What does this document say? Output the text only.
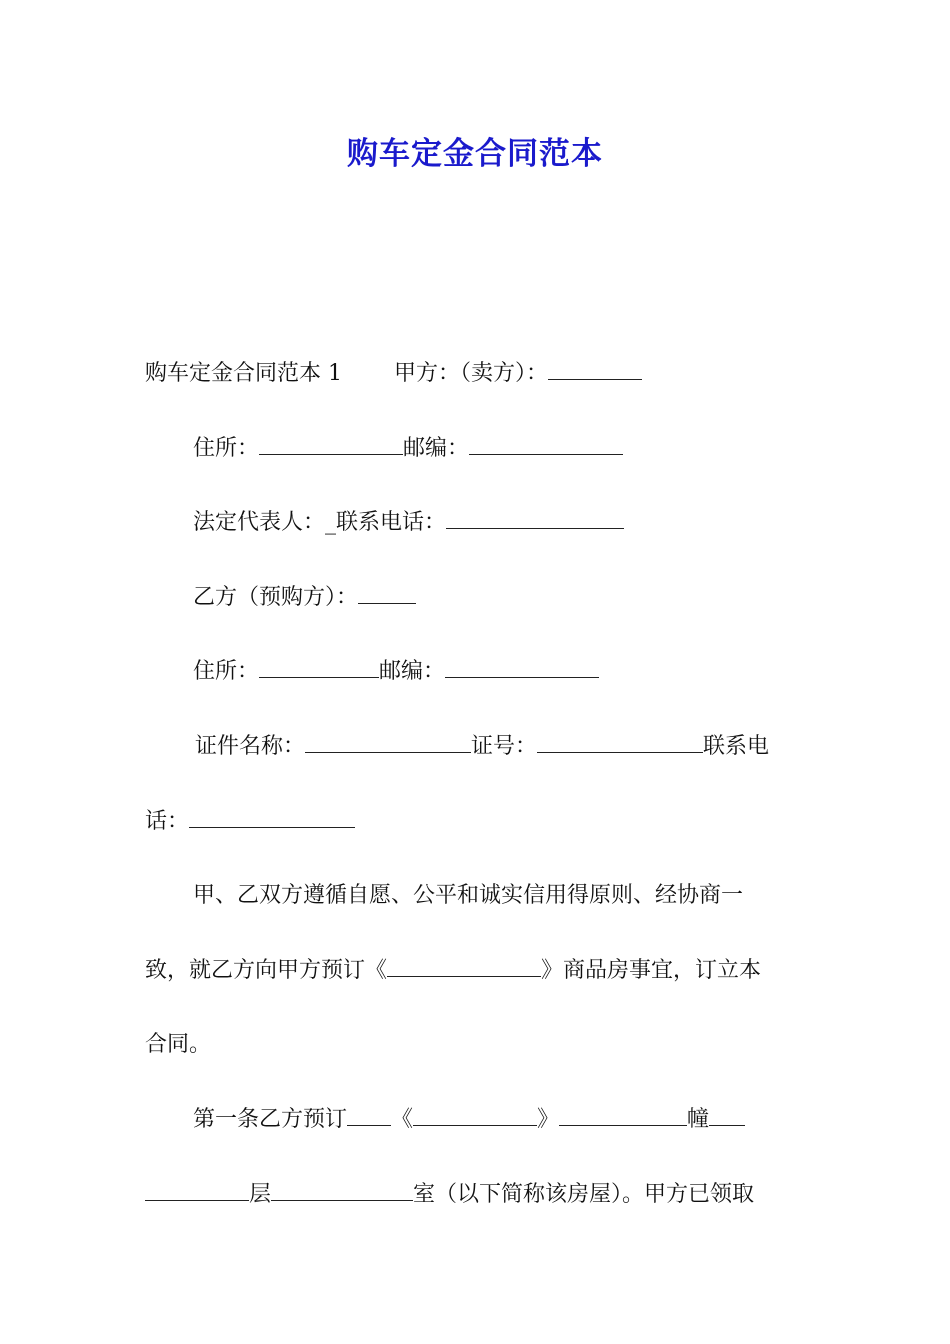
购车定金合同范本
购车定金合同范本 1 甲方：（卖方）：
住所：	邮编：
法定代表人：_联系电话：
乙方（预购方）：
住所：	邮编：
证件名称：	证号：	联系电
话：
甲、乙双方遵循自愿、公平和诚实信用得原则、经协商一
致，就乙方向甲方预订《	》商品房事宜，订立本
合同。
第一条乙方预订 《	》	幢
层	室（以下简称该房屋）。甲方已领取
